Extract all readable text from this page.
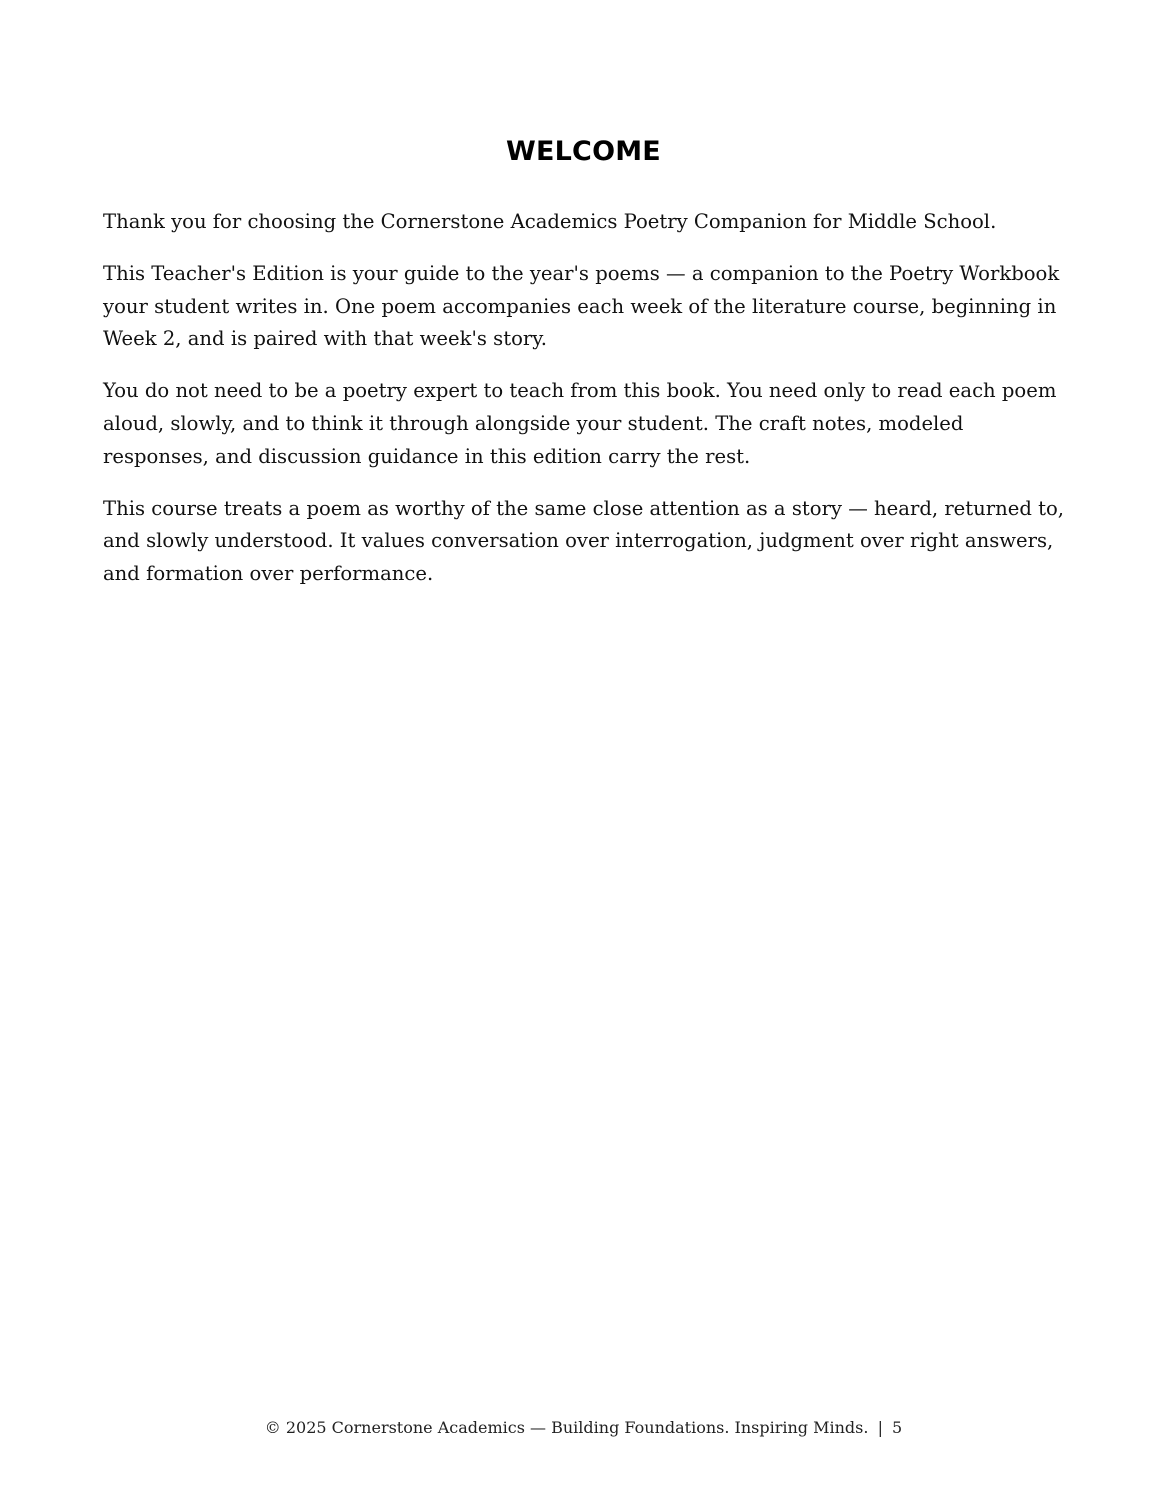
WELCOME

Thank you for choosing the Cornerstone Academics Poetry Companion for Middle School.

This Teacher's Edition is your guide to the year's poems — a companion to the Poetry Workbook your student writes in. One poem accompanies each week of the literature course, beginning in Week 2, and is paired with that week's story.

You do not need to be a poetry expert to teach from this book. You need only to read each poem aloud, slowly, and to think it through alongside your student. The craft notes, modeled responses, and discussion guidance in this edition carry the rest.

This course treats a poem as worthy of the same close attention as a story — heard, returned to, and slowly understood. It values conversation over interrogation, judgment over right answers, and formation over performance.

© 2025 Cornerstone Academics — Building Foundations. Inspiring Minds. | 5
